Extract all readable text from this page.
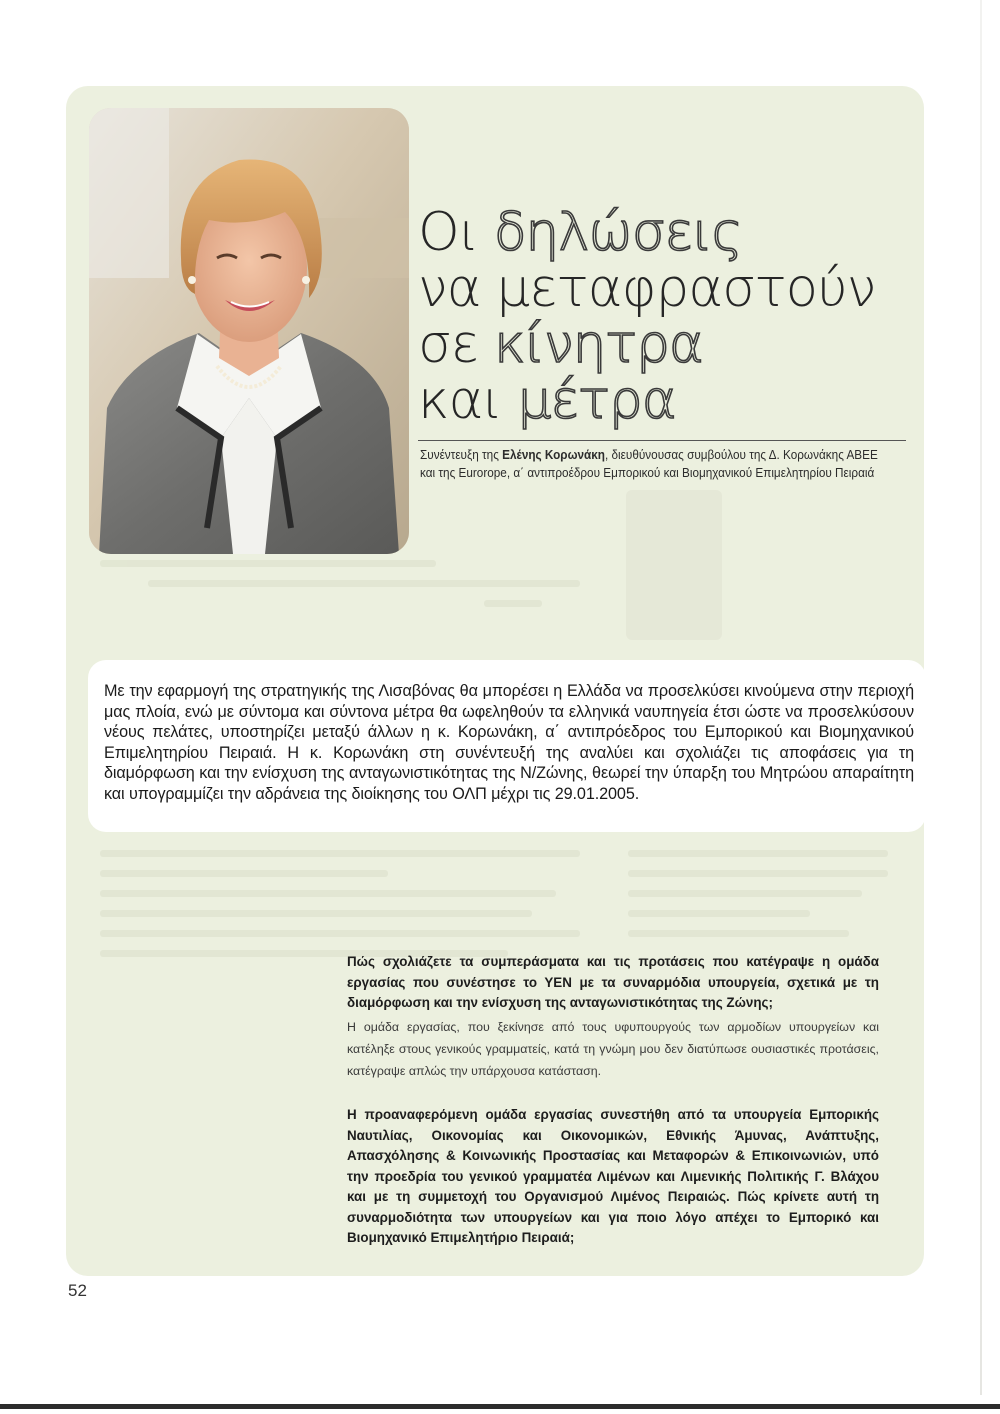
Οι δηλώσεις
να μεταφραστούν
σε κίνητρα
και μέτρα
Συνέντευξη της Ελένης Κορωνάκη, διευθύνουσας συμβούλου της Δ. Κορωνάκης ΑΒΕΕ
και της Eurorope, α΄ αντιπροέδρου Εμπορικού και Βιομηχανικού Επιμελητηρίου Πειραιά

Με την εφαρμογή της στρατηγικής της Λισαβόνας θα μπορέσει η Ελλάδα να προσελκύσει κινούμενα στην περιοχή μας πλοία, ενώ με σύντομα και σύντονα μέτρα θα ωφεληθούν τα ελληνικά ναυπηγεία έτσι ώστε να προσελκύσουν νέους πελάτες, υποστηρίζει μεταξύ άλλων η κ. Κορωνάκη, α΄ αντιπρόεδρος του Εμπορικού και Βιομηχανικού Επιμελητηρίου Πειραιά. Η κ. Κορωνάκη στη συνέντευξή της αναλύει και σχολιάζει τις αποφάσεις για τη διαμόρφωση και την ενίσχυση της ανταγωνιστικότητας της Ν/Ζώνης, θεωρεί την ύπαρξη του Μητρώου απαραίτητη και υπογραμμίζει την αδράνεια της διοίκησης του ΟΛΠ μέχρι τις 29.01.2005.

Πώς σχολιάζετε τα συμπεράσματα και τις προτάσεις που κατέγραψε η ομάδα εργασίας που συνέστησε το ΥΕΝ με τα συναρμόδια υπουργεία, σχετικά με τη διαμόρφωση και την ενίσχυση της ανταγωνιστικότητας της Ζώνης;

Η ομάδα εργασίας, που ξεκίνησε από τους υφυπουργούς των αρμοδίων υπουργείων και κατέληξε στους γενικούς γραμματείς, κατά τη γνώμη μου δεν διατύπωσε ουσιαστικές προτάσεις, κατέγραψε απλώς την υπάρχουσα κατάσταση.

Η προαναφερόμενη ομάδα εργασίας συνεστήθη από τα υπουργεία Εμπορικής Ναυτιλίας, Οικονομίας και Οικονομικών, Εθνικής Άμυνας, Ανάπτυξης, Απασχόλησης & Κοινωνικής Προστασίας και Μεταφορών & Επικοινωνιών, υπό την προεδρία του γενικού γραμματέα Λιμένων και Λιμενικής Πολιτικής Γ. Βλάχου και με τη συμμετοχή του Οργανισμού Λιμένος Πειραιώς. Πώς κρίνετε αυτή τη συναρμοδιότητα των υπουργείων και για ποιο λόγο απέχει το Εμπορικό και Βιομηχανικό Επιμελητήριο Πειραιά;

52
